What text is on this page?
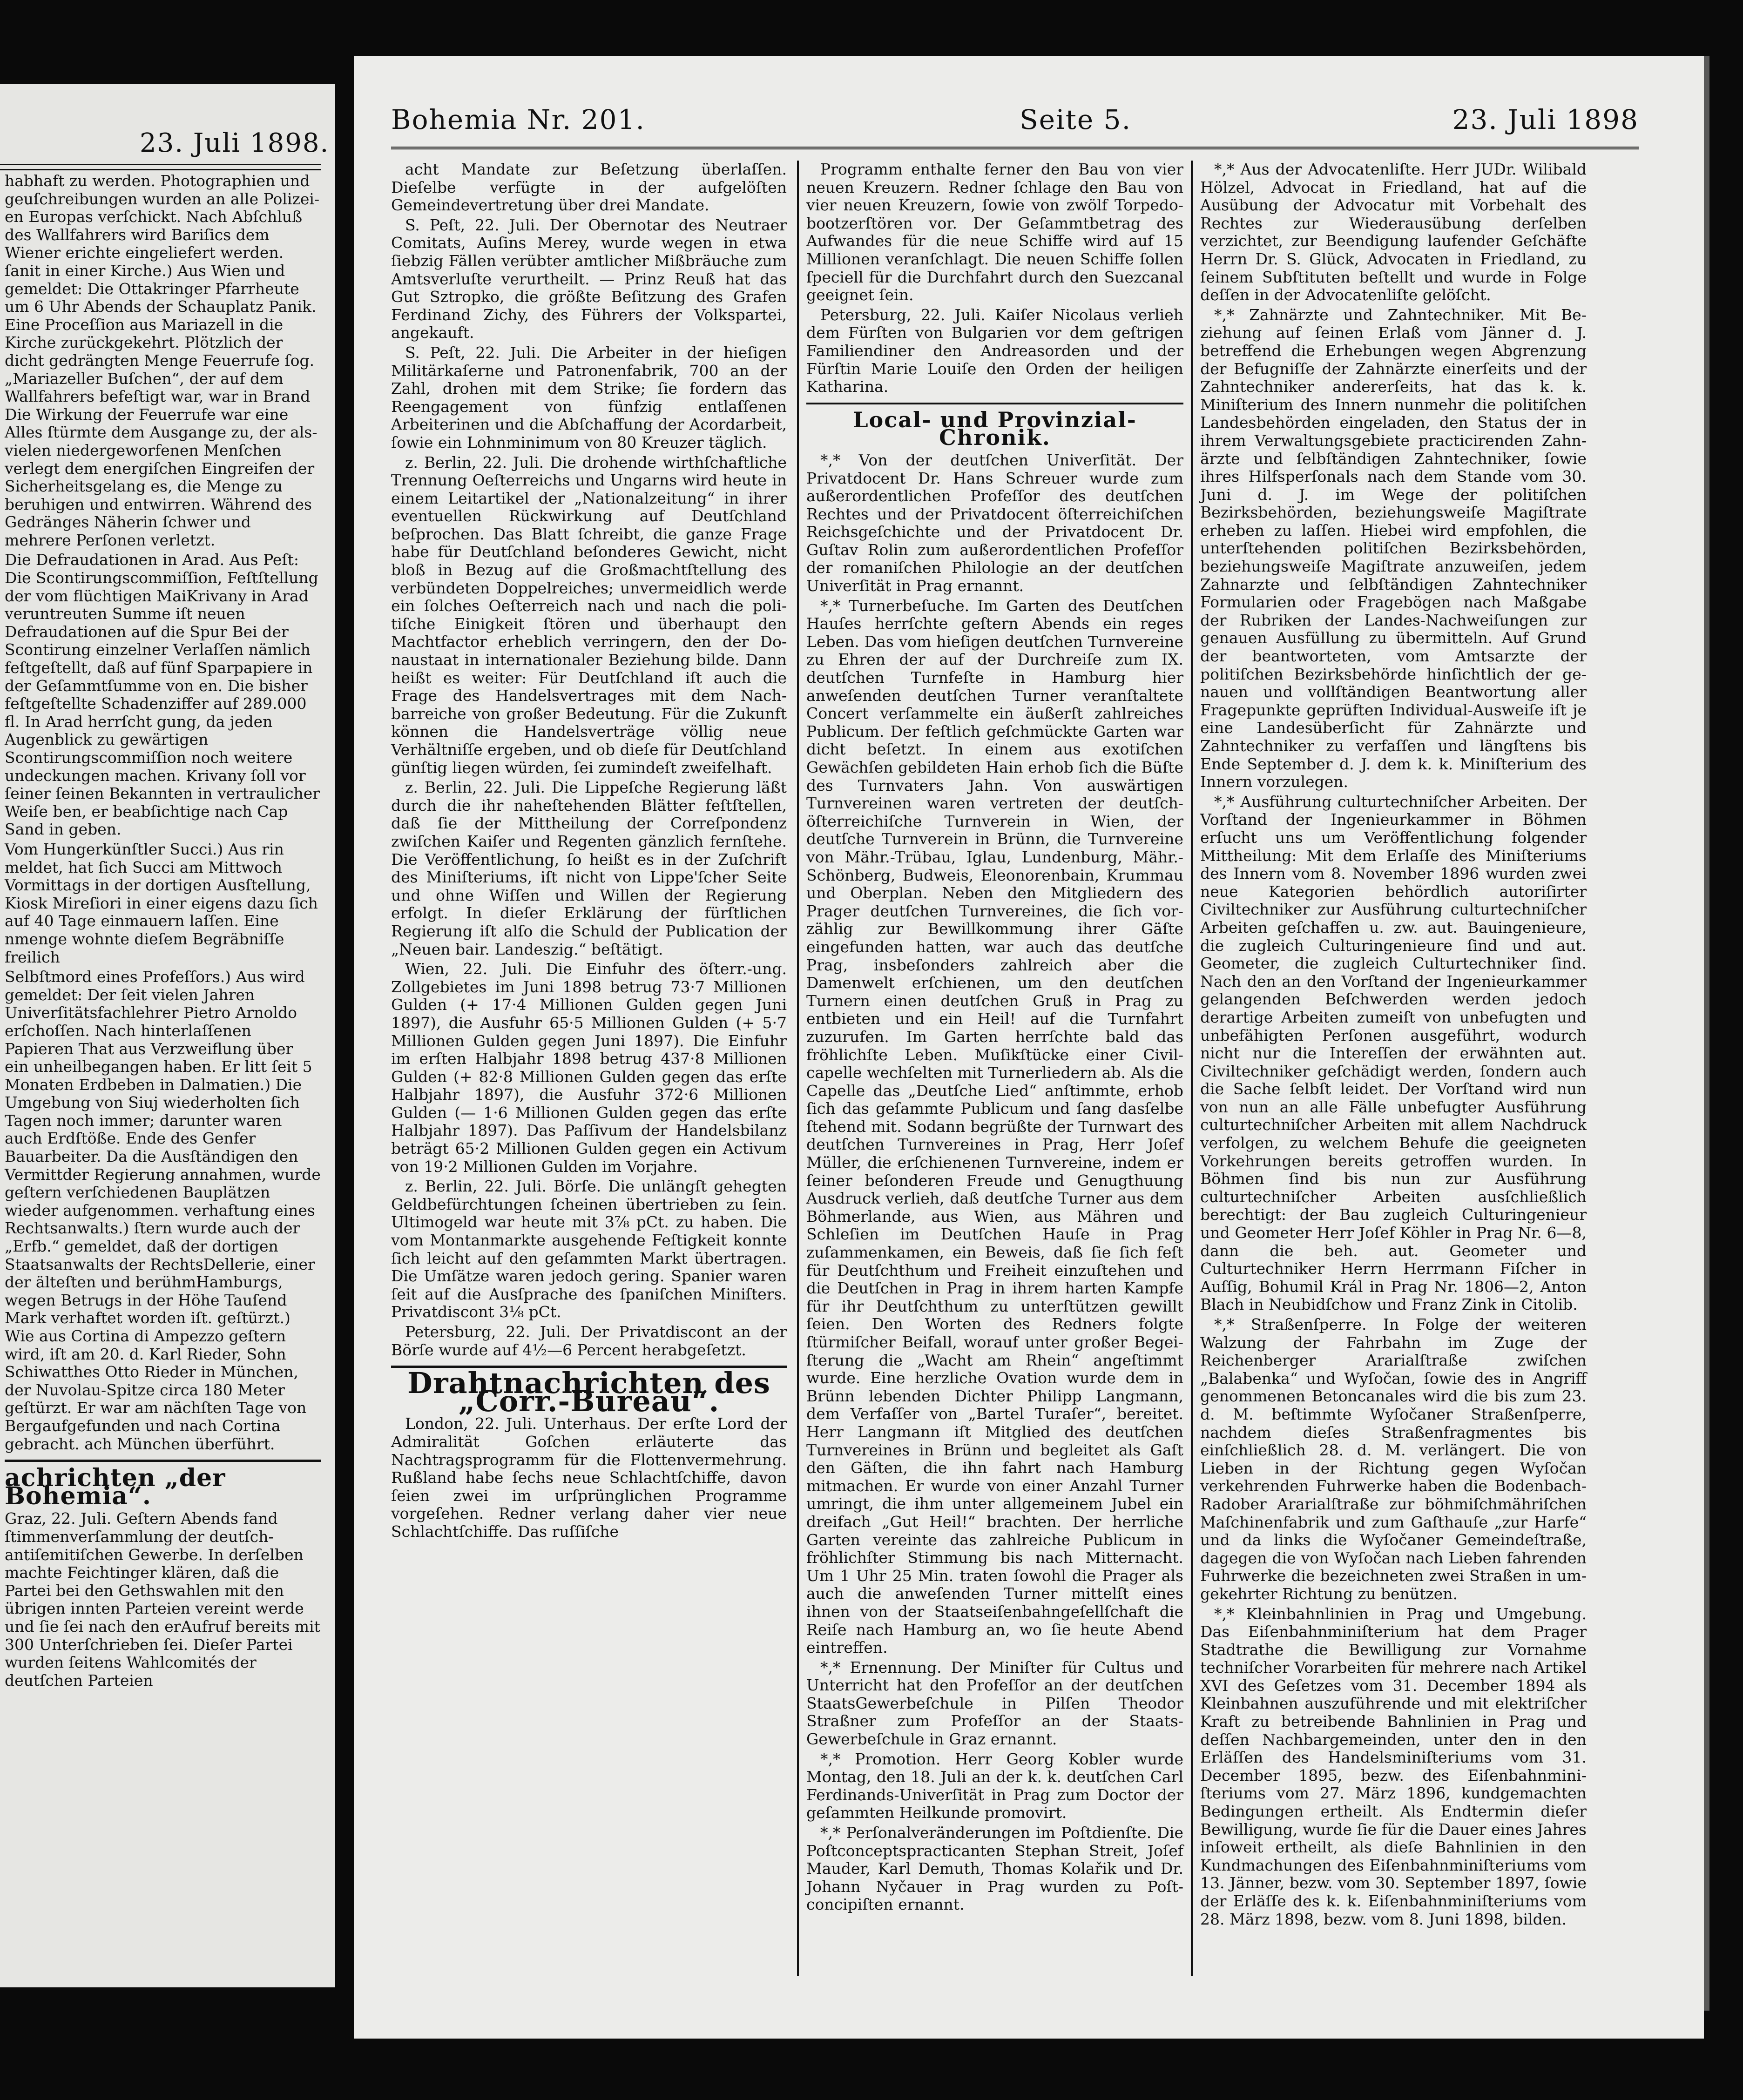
23. Juli 1898.

habhaft zu werden. Photographien und geuſchreibungen wurden an alle Polizeien Europas verſchickt. Nach Abſchluß des Wallfahrers wird Bariſics dem Wiener erichte eingeliefert werden. ſanit in einer Kirche.) Aus Wien und gemeldet: Die Ottakringer Pfarrheute um 6 Uhr Abends der Schauplatz Panik. Eine Proceſſion aus Mariazell in die Kirche zurückgekehrt. Plötzlich der dicht gedrängten Menge Feuerrufe ſog. „Mariazeller Buſchen“, der auf dem Wallfahrers befeſtigt war, war in Brand Die Wirkung der Feuerrufe war eine Alles ſtürmte dem Ausgange zu, der alsvielen niedergeworfenen Menſchen verlegt dem energiſchen Eingreifen der Sicherheitsgelang es, die Menge zu beruhigen und entwirren. Während des Gedränges Näherin ſchwer und mehrere Perſonen verletzt.

Die Defraudationen in Arad. Aus Peſt: Die Scontirungscommiſſion, Feſtſtellung der vom flüchtigen MaiKrivany in Arad veruntreuten Summe iſt neuen Defraudationen auf die Spur Bei der Scontirung einzelner Verlaſſen nämlich feſtgeſtellt, daß auf fünf Sparpapiere in der Geſammtſumme von en. Die bisher feſtgeſtellte Schadenziffer auf 289.000 fl. In Arad herrſcht gung, da jeden Augenblick zu gewärtigen Scontirungscommiſſion noch weitere undeckungen machen. Krivany ſoll vor ſeiner ſeinen Bekannten in vertraulicher Weiſe ben, er beabſichtige nach Cap Sand in geben.

Vom Hungerkünſtler Succi.) Aus rin meldet, hat ſich Succi am Mittwoch Vormittags in der dortigen Ausſtellung, Kiosk Mireſiori in einer eigens dazu ſich auf 40 Tage einmauern laſſen. Eine nmenge wohnte dieſem Begräbniſſe freilich

Selbſtmord eines Profeſſors.) Aus wird gemeldet: Der ſeit vielen Jahren Univerſitätsfachlehrer Pietro Arnoldo erſchoſſen. Nach hinterlaſſenen Papieren That aus Verzweiflung über ein unheilbegangen haben. Er litt ſeit 5 Monaten Erdbeben in Dalmatien.) Die Umgebung von Siuj wiederholten ſich Tagen noch immer; darunter waren auch Erdſtöße. Ende des Genfer Bauarbeiter. Da die Ausſtändigen den Vermittder Regierung annahmen, wurde geſtern verſchiedenen Bauplätzen wieder aufgenommen. verhaftung eines Rechtsanwalts.) ſtern wurde auch der „Erfb.“ gemeldet, daß der dortigen Staatsanwalts der RechtsDellerie, einer der älteſten und berühmHamburgs, wegen Betrugs in der Höhe Tauſend Mark verhaftet worden iſt. geſtürzt.) Wie aus Cortina di Ampezzo geſtern wird, iſt am 20. d. Karl Rieder, Sohn Schiwatthes Otto Rieder in München, der Nuvolau-Spitze circa 180 Meter geſtürzt. Er war am nächſten Tage von Bergaufgefunden und nach Cortina gebracht. ach München überführt.

achrichten „der Bohemia“.

Graz, 22. Juli. Geſtern Abends fand ſtimmenverſammlung der deutſchantiſemitiſchen Gewerbe. In derſelben machte Feichtinger klären, daß die Partei bei den Gethswahlen mit den übrigen innten Parteien vereint werde und ſie ſei nach den erAufruf bereits mit 300 Unterſchrieben ſei. Dieſer Partei wurden ſeitens Wahlcomités der deutſchen Parteien

Bohemia Nr. 201.	Seite 5.	23. Juli 1898

acht Mandate zur Beſetzung überlaſſen. Dieſelbe verfügte in der aufgelöſten Gemeindevertretung über drei Mandate.

S. Peſt, 22. Juli. Der Obernotar des Neutraer Comitats, Auſins Merey, wurde wegen in etwa ſiebzig Fällen verübter amtlicher Mißbräuche zum Amtsverluſte verurtheilt. — Prinz Reuß hat das Gut Sztropko, die größte Beſitzung des Grafen Ferdinand Zichy, des Führers der Volkspartei, angekauft.

S. Peſt, 22. Juli. Die Arbeiter in der hieſigen Militärkaſerne und Patronenfabrik, 700 an der Zahl, drohen mit dem Strike; ſie fordern das Reengagement von fünfzig entlaſſenen Arbeiterinen und die Abſchaffung der Acordarbeit, ſowie ein Lohnminimum von 80 Kreuzer täglich.

z. Berlin, 22. Juli. Die drohende wirthſchaftliche Trennung Oeſterreichs und Ungarns wird heute in einem Leitartikel der „Nationalzeitung“ in ihrer eventuellen Rückwirkung auf Deutſchland beſprochen. Das Blatt ſchreibt, die ganze Frage habe für Deutſchland beſonderes Gewicht, nicht bloß in Bezug auf die Großmachtſtellung des verbündeten Doppelreiches; unvermeidlich werde ein ſolches Oeſterreich nach und nach die politiſche Einigkeit ſtören und überhaupt den Machtfactor erheblich verringern, den der Donaustaat in internationaler Beziehung bilde. Dann heißt es weiter: Für Deutſchland iſt auch die Frage des Handelsvertrages mit dem Nachbarreiche von großer Bedeutung. Für die Zukunft können die Handelsverträge völlig neue Verhältniſſe ergeben, und ob dieſe für Deutſchland günſtig liegen würden, ſei zumindeſt zweifelhaft.

z. Berlin, 22. Juli. Die Lippeſche Regierung läßt durch die ihr naheſtehenden Blätter feſtſtellen, daß ſie der Mittheilung der Correſpondenz zwiſchen Kaiſer und Regenten gänzlich fernſtehe. Die Veröffentlichung, ſo heißt es in der Zuſchrift des Miniſteriums, iſt nicht von Lippe'ſcher Seite und ohne Wiſſen und Willen der Regierung erfolgt. In dieſer Erklärung der fürſtlichen Regierung iſt alſo die Schuld der Publication der „Neuen bair. Landeszig.“ beſtätigt.

Wien, 22. Juli. Die Einfuhr des öſterr.-ung. Zollgebietes im Juni 1898 betrug 73·7 Millionen Gulden (+ 17·4 Millionen Gulden gegen Juni 1897), die Ausfuhr 65·5 Millionen Gulden (+ 5·7 Millionen Gulden gegen Juni 1897). Die Einfuhr im erſten Halbjahr 1898 betrug 437·8 Millionen Gulden (+ 82·8 Millionen Gulden gegen das erſte Halbjahr 1897), die Ausfuhr 372·6 Millionen Gulden (— 1·6 Millionen Gulden gegen das erſte Halbjahr 1897). Das Paſſivum der Handelsbilanz beträgt 65·2 Millionen Gulden gegen ein Activum von 19·2 Millionen Gulden im Vorjahre.

z. Berlin, 22. Juli. Börſe. Die unlängſt gehegten Geldbefürchtungen ſcheinen übertrieben zu ſein. Ultimogeld war heute mit 3⅞ pCt. zu haben. Die vom Montanmarkte ausgehende Feſtigkeit konnte ſich leicht auf den geſammten Markt übertragen. Die Umſätze waren jedoch gering. Spanier waren ſeit auf die Ausſprache des ſpaniſchen Miniſters. Privatdiscont 3⅛ pCt.

Petersburg, 22. Juli. Der Privatdiscont an der Börſe wurde auf 4½—6 Percent herabgeſetzt.

Drahtnachrichten des „Corr.-Bureau“.

London, 22. Juli. Unterhaus. Der erſte Lord der Admiralität Goſchen erläuterte das Nachtragsprogramm für die Flottenvermehrung. Rußland habe ſechs neue Schlachtſchiffe, davon ſeien zwei im urſprünglichen Programme vorgeſehen. Redner verlang daher vier neue Schlachtſchiffe. Das ruſſiſche

Programm enthalte ferner den Bau von vier neuen Kreuzern. Redner ſchlage den Bau von vier neuen Kreuzern, ſowie von zwölf Torpedobootzerſtören vor. Der Geſammtbetrag des Aufwandes für die neue Schiffe wird auf 15 Millionen veranſchlagt. Die neuen Schiffe ſollen ſpeciell für die Durchfahrt durch den Suezcanal geeignet ſein.

Petersburg, 22. Juli. Kaiſer Nicolaus verlieh dem Fürſten von Bulgarien vor dem geſtrigen Familiendiner den Andreasorden und der Fürſtin Marie Louiſe den Orden der heiligen Katharina.

Local- und Provinzial-Chronik.

*,* Von der deutſchen Univerſität. Der Privatdocent Dr. Hans Schreuer wurde zum außerordentlichen Profeſſor des deutſchen Rechtes und der Privatdocent öſterreichiſchen Reichsgeſchichte und der Privatdocent Dr. Guſtav Rolin zum außerordentlichen Profeſſor der romaniſchen Philologie an der deutſchen Univerſität in Prag ernannt.

*,* Turnerbeſuche. Im Garten des Deutſchen Hauſes herrſchte geſtern Abends ein reges Leben. Das vom hieſigen deutſchen Turnvereine zu Ehren der auf der Durchreiſe zum IX. deutſchen Turnfeſte in Hamburg hier anweſenden deutſchen Turner veranſtaltete Concert verſammelte ein äußerſt zahlreiches Publicum. Der feſtlich geſchmückte Garten war dicht beſetzt. In einem aus exotiſchen Gewächſen gebildeten Hain erhob ſich die Büſte des Turnvaters Jahn. Von auswärtigen Turnvereinen waren vertreten der deutſch-öſterreichiſche Turnverein in Wien, der deutſche Turnverein in Brünn, die Turnvereine von Mähr.-Trübau, Iglau, Lundenburg, Mähr.-Schönberg, Budweis, Eleonorenbain, Krummau und Oberplan. Neben den Mitgliedern des Prager deutſchen Turnvereines, die ſich vorzählig zur Bewillkommung ihrer Gäſte eingefunden hatten, war auch das deutſche Prag, insbeſonders zahlreich aber die Damenwelt erſchienen, um den deutſchen Turnern einen deutſchen Gruß in Prag zu entbieten und ein Heil! auf die Turnfahrt zuzurufen. Im Garten herrſchte bald das fröhlichſte Leben. Muſikſtücke einer Civilcapelle wechſelten mit Turnerliedern ab. Als die Capelle das „Deutſche Lied“ anſtimmte, erhob ſich das geſammte Publicum und ſang dasſelbe ſtehend mit. Sodann begrüßte der Turnwart des deutſchen Turnvereines in Prag, Herr Joſef Müller, die erſchienenen Turnvereine, indem er ſeiner beſonderen Freude und Genugthuung Ausdruck verlieh, daß deutſche Turner aus dem Böhmerlande, aus Wien, aus Mähren und Schleſien im Deutſchen Hauſe in Prag zuſammenkamen, ein Beweis, daß ſie ſich feſt für Deutſchthum und Freiheit einzuſtehen und die Deutſchen in Prag in ihrem harten Kampfe für ihr Deutſchthum zu unterſtützen gewillt ſeien. Den Worten des Redners folgte ſtürmiſcher Beifall, worauf unter großer Begeiſterung die „Wacht am Rhein“ angeſtimmt wurde. Eine herzliche Ovation wurde dem in Brünn lebenden Dichter Philipp Langmann, dem Verfaſſer von „Bartel Turaſer“, bereitet. Herr Langmann iſt Mitglied des deutſchen Turnvereines in Brünn und begleitet als Gaſt den Gäſten, die ihn fahrt nach Hamburg mitmachen. Er wurde von einer Anzahl Turner umringt, die ihm unter allgemeinem Jubel ein dreifach „Gut Heil!“ brachten. Der herrliche Garten vereinte das zahlreiche Publicum in fröhlichſter Stimmung bis nach Mitternacht. Um 1 Uhr 25 Min. traten ſowohl die Prager als auch die anweſenden Turner mittelſt eines ihnen von der Staatseiſenbahngeſellſchaft die Reiſe nach Hamburg an, wo ſie heute Abend eintreffen.

*,* Ernennung. Der Miniſter für Cultus und Unterricht hat den Profeſſor an der deutſchen StaatsGewerbeſchule in Pilſen Theodor Straßner zum Profeſſor an der Staats-Gewerbeſchule in Graz ernannt.

*,* Promotion. Herr Georg Kobler wurde Montag, den 18. Juli an der k. k. deutſchen Carl Ferdinands-Univerſität in Prag zum Doctor der geſammten Heilkunde promovirt.

*,* Perſonalveränderungen im Poſtdienſte. Die Poſtconceptspracticanten Stephan Streit, Joſef Mauder, Karl Demuth, Thomas Kolařik und Dr. Johann Nyčauer in Prag wurden zu Poſtconcipiſten ernannt.

*,* Aus der Advocatenliſte. Herr JUDr. Wilibald Hölzel, Advocat in Friedland, hat auf die Ausübung der Advocatur mit Vorbehalt des Rechtes zur Wiederausübung derſelben verzichtet, zur Beendigung laufender Geſchäfte Herrn Dr. S. Glück, Advocaten in Friedland, zu ſeinem Subſtituten beſtellt und wurde in Folge deſſen in der Advocatenliſte gelöſcht.

*,* Zahnärzte und Zahntechniker. Mit Beziehung auf ſeinen Erlaß vom Jänner d. J. betreffend die Erhebungen wegen Abgrenzung der Befugniſſe der Zahnärzte einerſeits und der Zahntechniker andererſeits, hat das k. k. Miniſterium des Innern nunmehr die politiſchen Landesbehörden eingeladen, den Status der in ihrem Verwaltungsgebiete practicirenden Zahnärzte und ſelbſtändigen Zahntechniker, ſowie ihres Hilfsperſonals nach dem Stande vom 30. Juni d. J. im Wege der politiſchen Bezirksbehörden, beziehungsweiſe Magiſtrate erheben zu laſſen. Hiebei wird empfohlen, die unterſtehenden politiſchen Bezirksbehörden, beziehungsweiſe Magiſtrate anzuweiſen, jedem Zahnarzte und ſelbſtändigen Zahntechniker Formularien oder Fragebögen nach Maßgabe der Rubriken der Landes-Nachweiſungen zur genauen Ausfüllung zu übermitteln. Auf Grund der beantworteten, vom Amtsarzte der politiſchen Bezirksbehörde hinſichtlich der genauen und vollſtändigen Beantwortung aller Fragepunkte geprüften Individual-Ausweiſe iſt je eine Landesüberſicht für Zahnärzte und Zahntechniker zu verfaſſen und längſtens bis Ende September d. J. dem k. k. Miniſterium des Innern vorzulegen.

*,* Ausführung culturtechniſcher Arbeiten. Der Vorſtand der Ingenieurkammer in Böhmen erſucht uns um Veröffentlichung folgender Mittheilung: Mit dem Erlaſſe des Miniſteriums des Innern vom 8. November 1896 wurden zwei neue Kategorien behördlich autoriſirter Civiltechniker zur Ausführung culturtechniſcher Arbeiten geſchaffen u. zw. aut. Bauingenieure, die zugleich Culturingenieure ſind und aut. Geometer, die zugleich Culturtechniker ſind. Nach den an den Vorſtand der Ingenieurkammer gelangenden Beſchwerden werden jedoch derartige Arbeiten zumeiſt von unbefugten und unbefähigten Perſonen ausgeführt, wodurch nicht nur die Intereſſen der erwähnten aut. Civiltechniker geſchädigt werden, ſondern auch die Sache ſelbſt leidet. Der Vorſtand wird nun von nun an alle Fälle unbefugter Ausführung culturtechniſcher Arbeiten mit allem Nachdruck verfolgen, zu welchem Behufe die geeigneten Vorkehrungen bereits getroffen wurden. In Böhmen ſind bis nun zur Ausführung culturtechniſcher Arbeiten ausſchließlich berechtigt: der Bau zugleich Culturingenieur und Geometer Herr Joſef Köhler in Prag Nr. 6—8, dann die beh. aut. Geometer und Culturtechniker Herrn Herrmann Fiſcher in Auſſig, Bohumil Král in Prag Nr. 1806—2, Anton Blach in Neubidſchow und Franz Zink in Citolib.

*,* Straßenſperre. In Folge der weiteren Walzung der Fahrbahn im Zuge der Reichenberger Ararialſtraße zwiſchen „Balabenka“ und Wyſočan, ſowie des in Angriff genommenen Betoncanales wird die bis zum 23. d. M. beſtimmte Wyſočaner Straßenſperre, nachdem dieſes Straßenfragmentes bis einſchließlich 28. d. M. verlängert. Die von Lieben in der Richtung gegen Wyſočan verkehrenden Fuhrwerke haben die Bodenbach-Radober Ararialſtraße zur böhmiſchmähriſchen Maſchinenfabrik und zum Gaſthauſe „zur Harfe“ und da links die Wyſočaner Gemeindeſtraße, dagegen die von Wyſočan nach Lieben fahrenden Fuhrwerke die bezeichneten zwei Straßen in umgekehrter Richtung zu benützen.

*,* Kleinbahnlinien in Prag und Umgebung. Das Eiſenbahnminiſterium hat dem Prager Stadtrathe die Bewilligung zur Vornahme techniſcher Vorarbeiten für mehrere nach Artikel XVI des Geſetzes vom 31. December 1894 als Kleinbahnen auszuführende und mit elektriſcher Kraft zu betreibende Bahnlinien in Prag und deſſen Nachbargemeinden, unter den in den Erläſſen des Handelsminiſteriums vom 31. December 1895, bezw. des Eiſenbahnminiſteriums vom 27. März 1896, kundgemachten Bedingungen ertheilt. Als Endtermin dieſer Bewilligung, wurde ſie für die Dauer eines Jahres inſoweit ertheilt, als dieſe Bahnlinien in den Kundmachungen des Eiſenbahnminiſteriums vom 13. Jänner, bezw. vom 30. September 1897, ſowie der Erläſſe des k. k. Eiſenbahnminiſteriums vom 28. März 1898, bezw. vom 8. Juni 1898, bilden.
